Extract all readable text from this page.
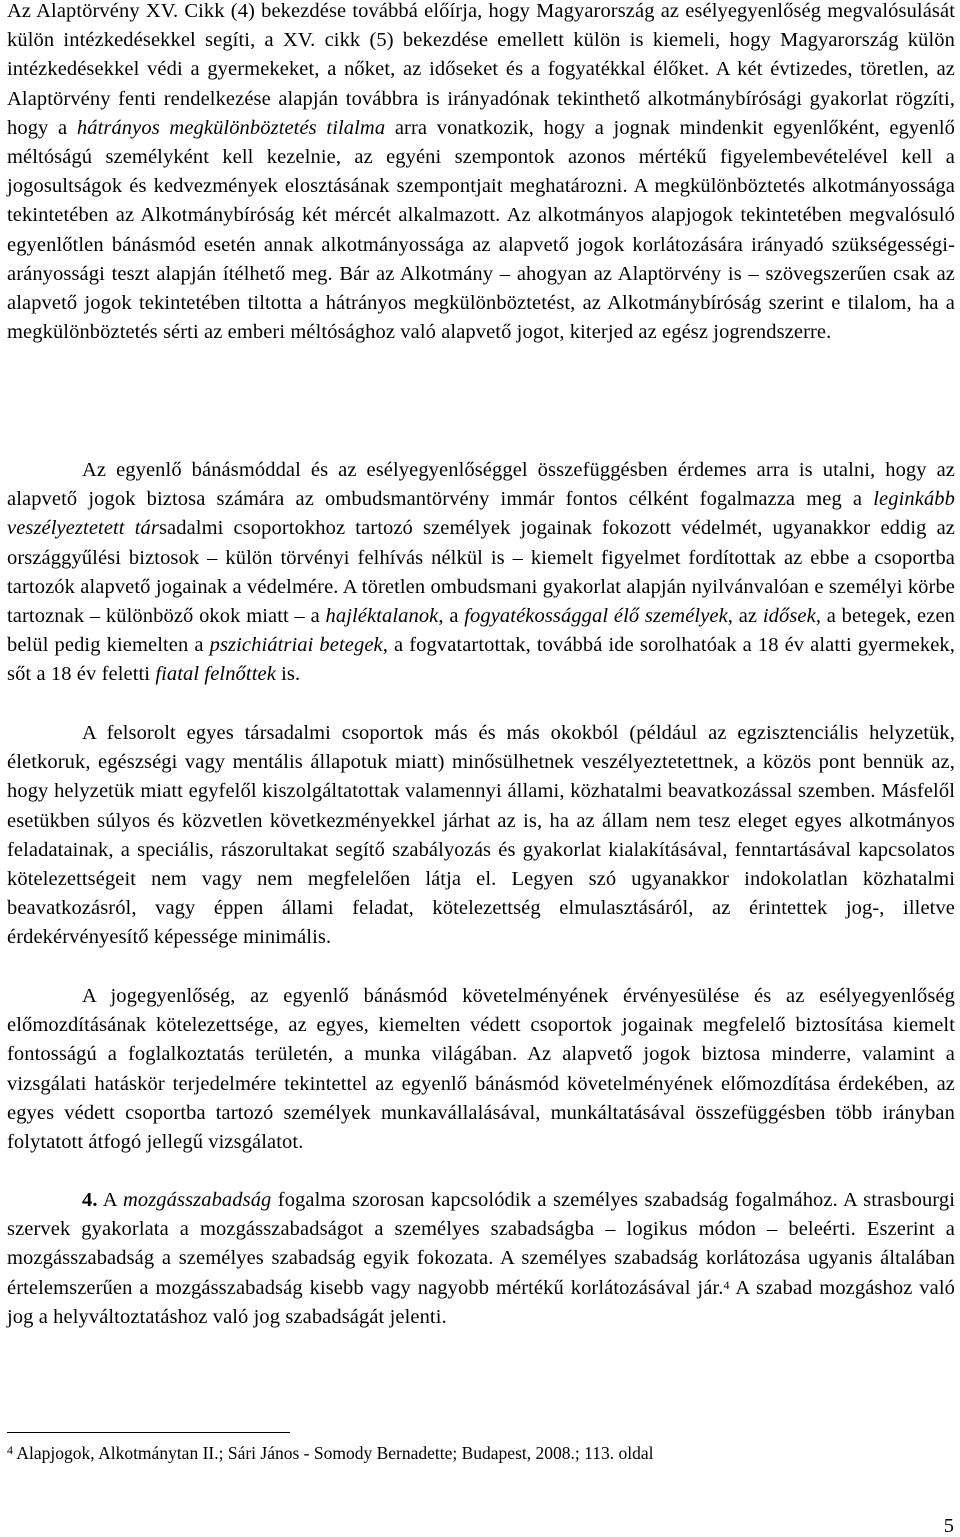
Az Alaptörvény XV. Cikk (4) bekezdése továbbá előírja, hogy Magyarország az esélyegyenlőség megvalósulását külön intézkedésekkel segíti, a XV. cikk (5) bekezdése emellett külön is kiemeli, hogy Magyarország külön intézkedésekkel védi a gyermekeket, a nőket, az időseket és a fogyatékkal élőket. A két évtizedes, töretlen, az Alaptörvény fenti rendelkezése alapján továbbra is irányadónak tekinthető alkotmánybírósági gyakorlat rögzíti, hogy a hátrányos megkülönböztetés tilalma arra vonatkozik, hogy a jognak mindenkit egyenlőként, egyenlő méltóságú személyként kell kezelnie, az egyéni szempontok azonos mértékű figyelembevételével kell a jogosultságok és kedvezmények elosztásának szempontjait meghatározni. A megkülönböztetés alkotmányossága tekintetében az Alkotmánybíróság két mércét alkalmazott. Az alkotmányos alapjogok tekintetében megvalósuló egyenlőtlen bánásmód esetén annak alkotmányossága az alapvető jogok korlátozására irányadó szükségességi-arányossági teszt alapján ítélhető meg. Bár az Alkotmány – ahogyan az Alaptörvény is – szövegszerűen csak az alapvető jogok tekintetében tiltotta a hátrányos megkülönböztetést, az Alkotmánybíróság szerint e tilalom, ha a megkülönböztetés sérti az emberi méltósághoz való alapvető jogot, kiterjed az egész jogrendszerre.

Az egyenlő bánásmóddal és az esélyegyenlőséggel összefüggésben érdemes arra is utalni, hogy az alapvető jogok biztosa számára az ombudsmantörvény immár fontos célként fogalmazza meg a leginkább veszélyeztetett társadalmi csoportokhoz tartozó személyek jogainak fokozott védelmét, ugyanakkor eddig az országgyűlési biztosok – külön törvényi felhívás nélkül is – kiemelt figyelmet fordítottak az ebbe a csoportba tartozók alapvető jogainak a védelmére. A töretlen ombudsmani gyakorlat alapján nyilvánvalóan e személyi körbe tartoznak – különböző okok miatt – a hajléktalanok, a fogyatékossággal élő személyek, az idősek, a betegek, ezen belül pedig kiemelten a pszichiátriai betegek, a fogvatartottak, továbbá ide sorolhatóak a 18 év alatti gyermekek, sőt a 18 év feletti fiatal felnőttek is.

A felsorolt egyes társadalmi csoportok más és más okokból (például az egzisztenciális helyzetük, életkoruk, egészségi vagy mentális állapotuk miatt) minősülhetnek veszélyeztetettnek, a közös pont bennük az, hogy helyzetük miatt egyfelől kiszolgáltatottak valamennyi állami, közhatalmi beavatkozással szemben. Másfelől esetükben súlyos és közvetlen következményekkel járhat az is, ha az állam nem tesz eleget egyes alkotmányos feladatainak, a speciális, rászorultakat segítő szabályozás és gyakorlat kialakításával, fenntartásával kapcsolatos kötelezettségeit nem vagy nem megfelelően látja el. Legyen szó ugyanakkor indokolatlan közhatalmi beavatkozásról, vagy éppen állami feladat, kötelezettség elmulasztásáról, az érintettek jog-, illetve érdekérvényesítő képessége minimális.

A jogegyenlőség, az egyenlő bánásmód követelményének érvényesülése és az esélyegyenlőség előmozdításának kötelezettsége, az egyes, kiemelten védett csoportok jogainak megfelelő biztosítása kiemelt fontosságú a foglalkoztatás területén, a munka világában. Az alapvető jogok biztosa minderre, valamint a vizsgálati hatáskör terjedelmére tekintettel az egyenlő bánásmód követelményének előmozdítása érdekében, az egyes védett csoportba tartozó személyek munkavállalásával, munkáltatásával összefüggésben több irányban folytatott átfogó jellegű vizsgálatot.

4. A mozgásszabadság fogalma szorosan kapcsolódik a személyes szabadság fogalmához. A strasbourgi szervek gyakorlata a mozgásszabadságot a személyes szabadságba – logikus módon – beleérti. Eszerint a mozgásszabadság a személyes szabadság egyik fokozata. A személyes szabadság korlátozása ugyanis általában értelemszerűen a mozgásszabadság kisebb vagy nagyobb mértékű korlátozásával jár.$^4$ A szabad mozgáshoz való jog a helyváltoztatáshoz való jog szabadságát jelenti.

$^4$ Alapjogok, Alkotmánytan II.; Sári János - Somody Bernadette; Budapest, 2008.; 113. oldal
5
